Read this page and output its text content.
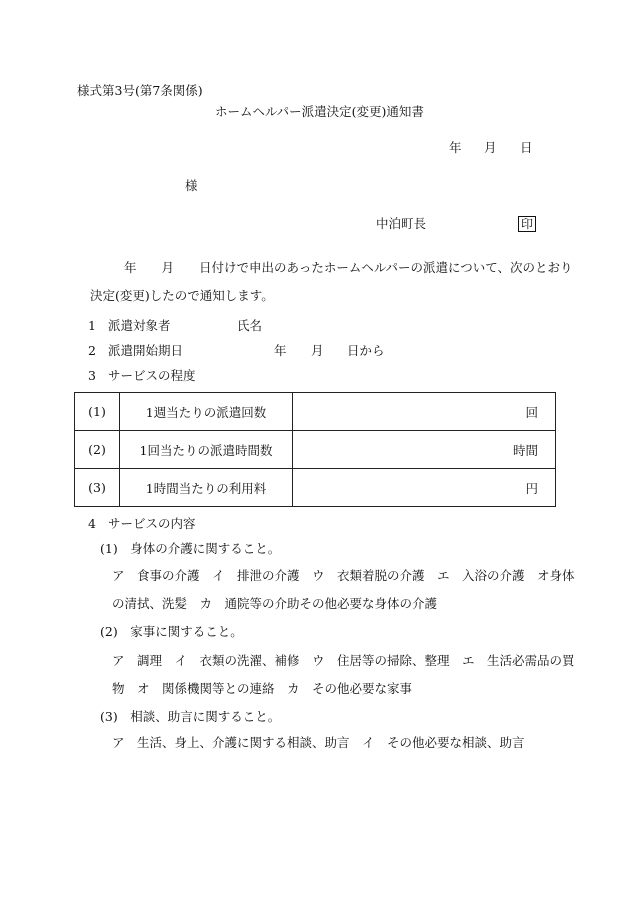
様式第3号(第7条関係)
ホームヘルパー派遣決定(変更)通知書
年 月 日
様
中泊町長	印
年　　月　　日付けで申出のあったホームヘルパーの派遣について、次のとおり
決定(変更)したので通知します。
1 派遣対象者	氏名
2 派遣開始期日	年 月 日から
3 サービスの程度
(1)	1週当たりの派遣回数	回
(2)	1回当たりの派遣時間数	時間
(3)	1時間当たりの利用料	円
4 サービスの内容
(1)　身体の介護に関すること。
ア　食事の介護　イ　排泄の介護　ウ　衣類着脱の介護　エ　入浴の介護　オ身体
の清拭、洗髪　カ　通院等の介助その他必要な身体の介護
(2)　家事に関すること。
ア　調理　イ　衣類の洗濯、補修　ウ　住居等の掃除、整理　エ　生活必需品の買
物　オ　関係機関等との連絡　カ　その他必要な家事
(3)　相談、助言に関すること。
ア　生活、身上、介護に関する相談、助言　イ　その他必要な相談、助言
